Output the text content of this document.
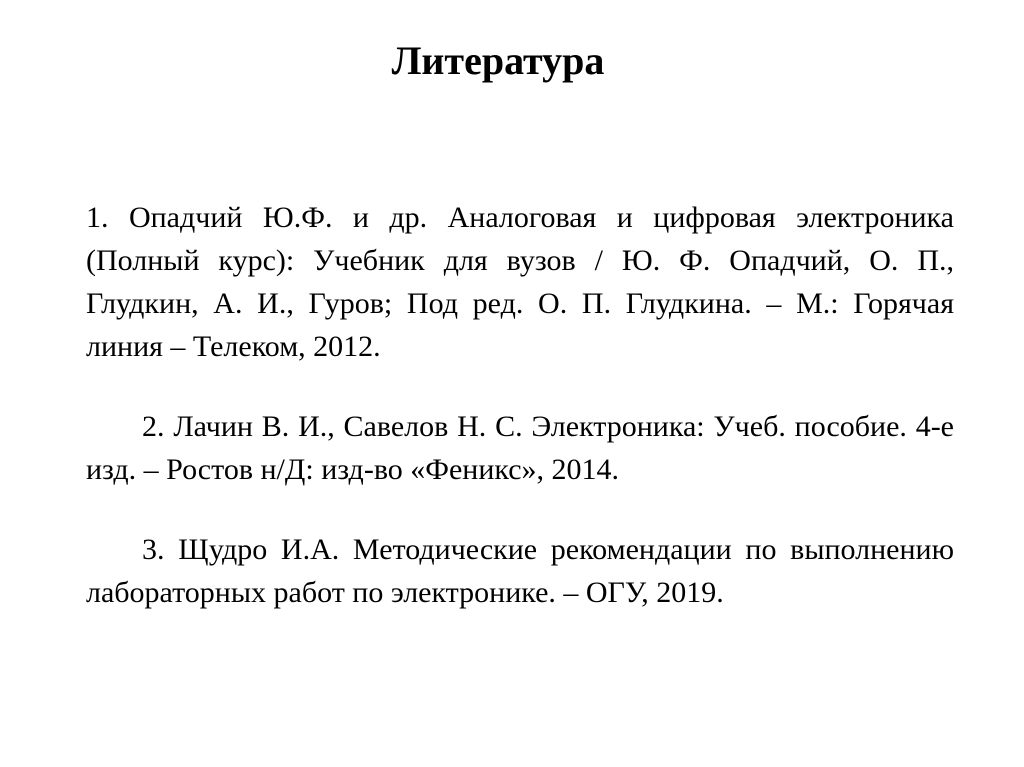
Литература

1. Опадчий Ю.Ф. и др. Аналоговая и цифровая электроника (Полный курс): Учебник для вузов / Ю. Ф. Опадчий, О. П., Глудкин, А. И., Гуров; Под ред. О. П. Глудкина. – М.: Горячая линия – Телеком, 2012.

2. Лачин В. И., Савелов Н. С. Электроника: Учеб. пособие. 4-е изд. – Ростов н/Д: изд-во «Феникс», 2014.

3. Щудро И.А. Методические рекомендации по выполнению лабораторных работ по электронике. – ОГУ, 2019.
